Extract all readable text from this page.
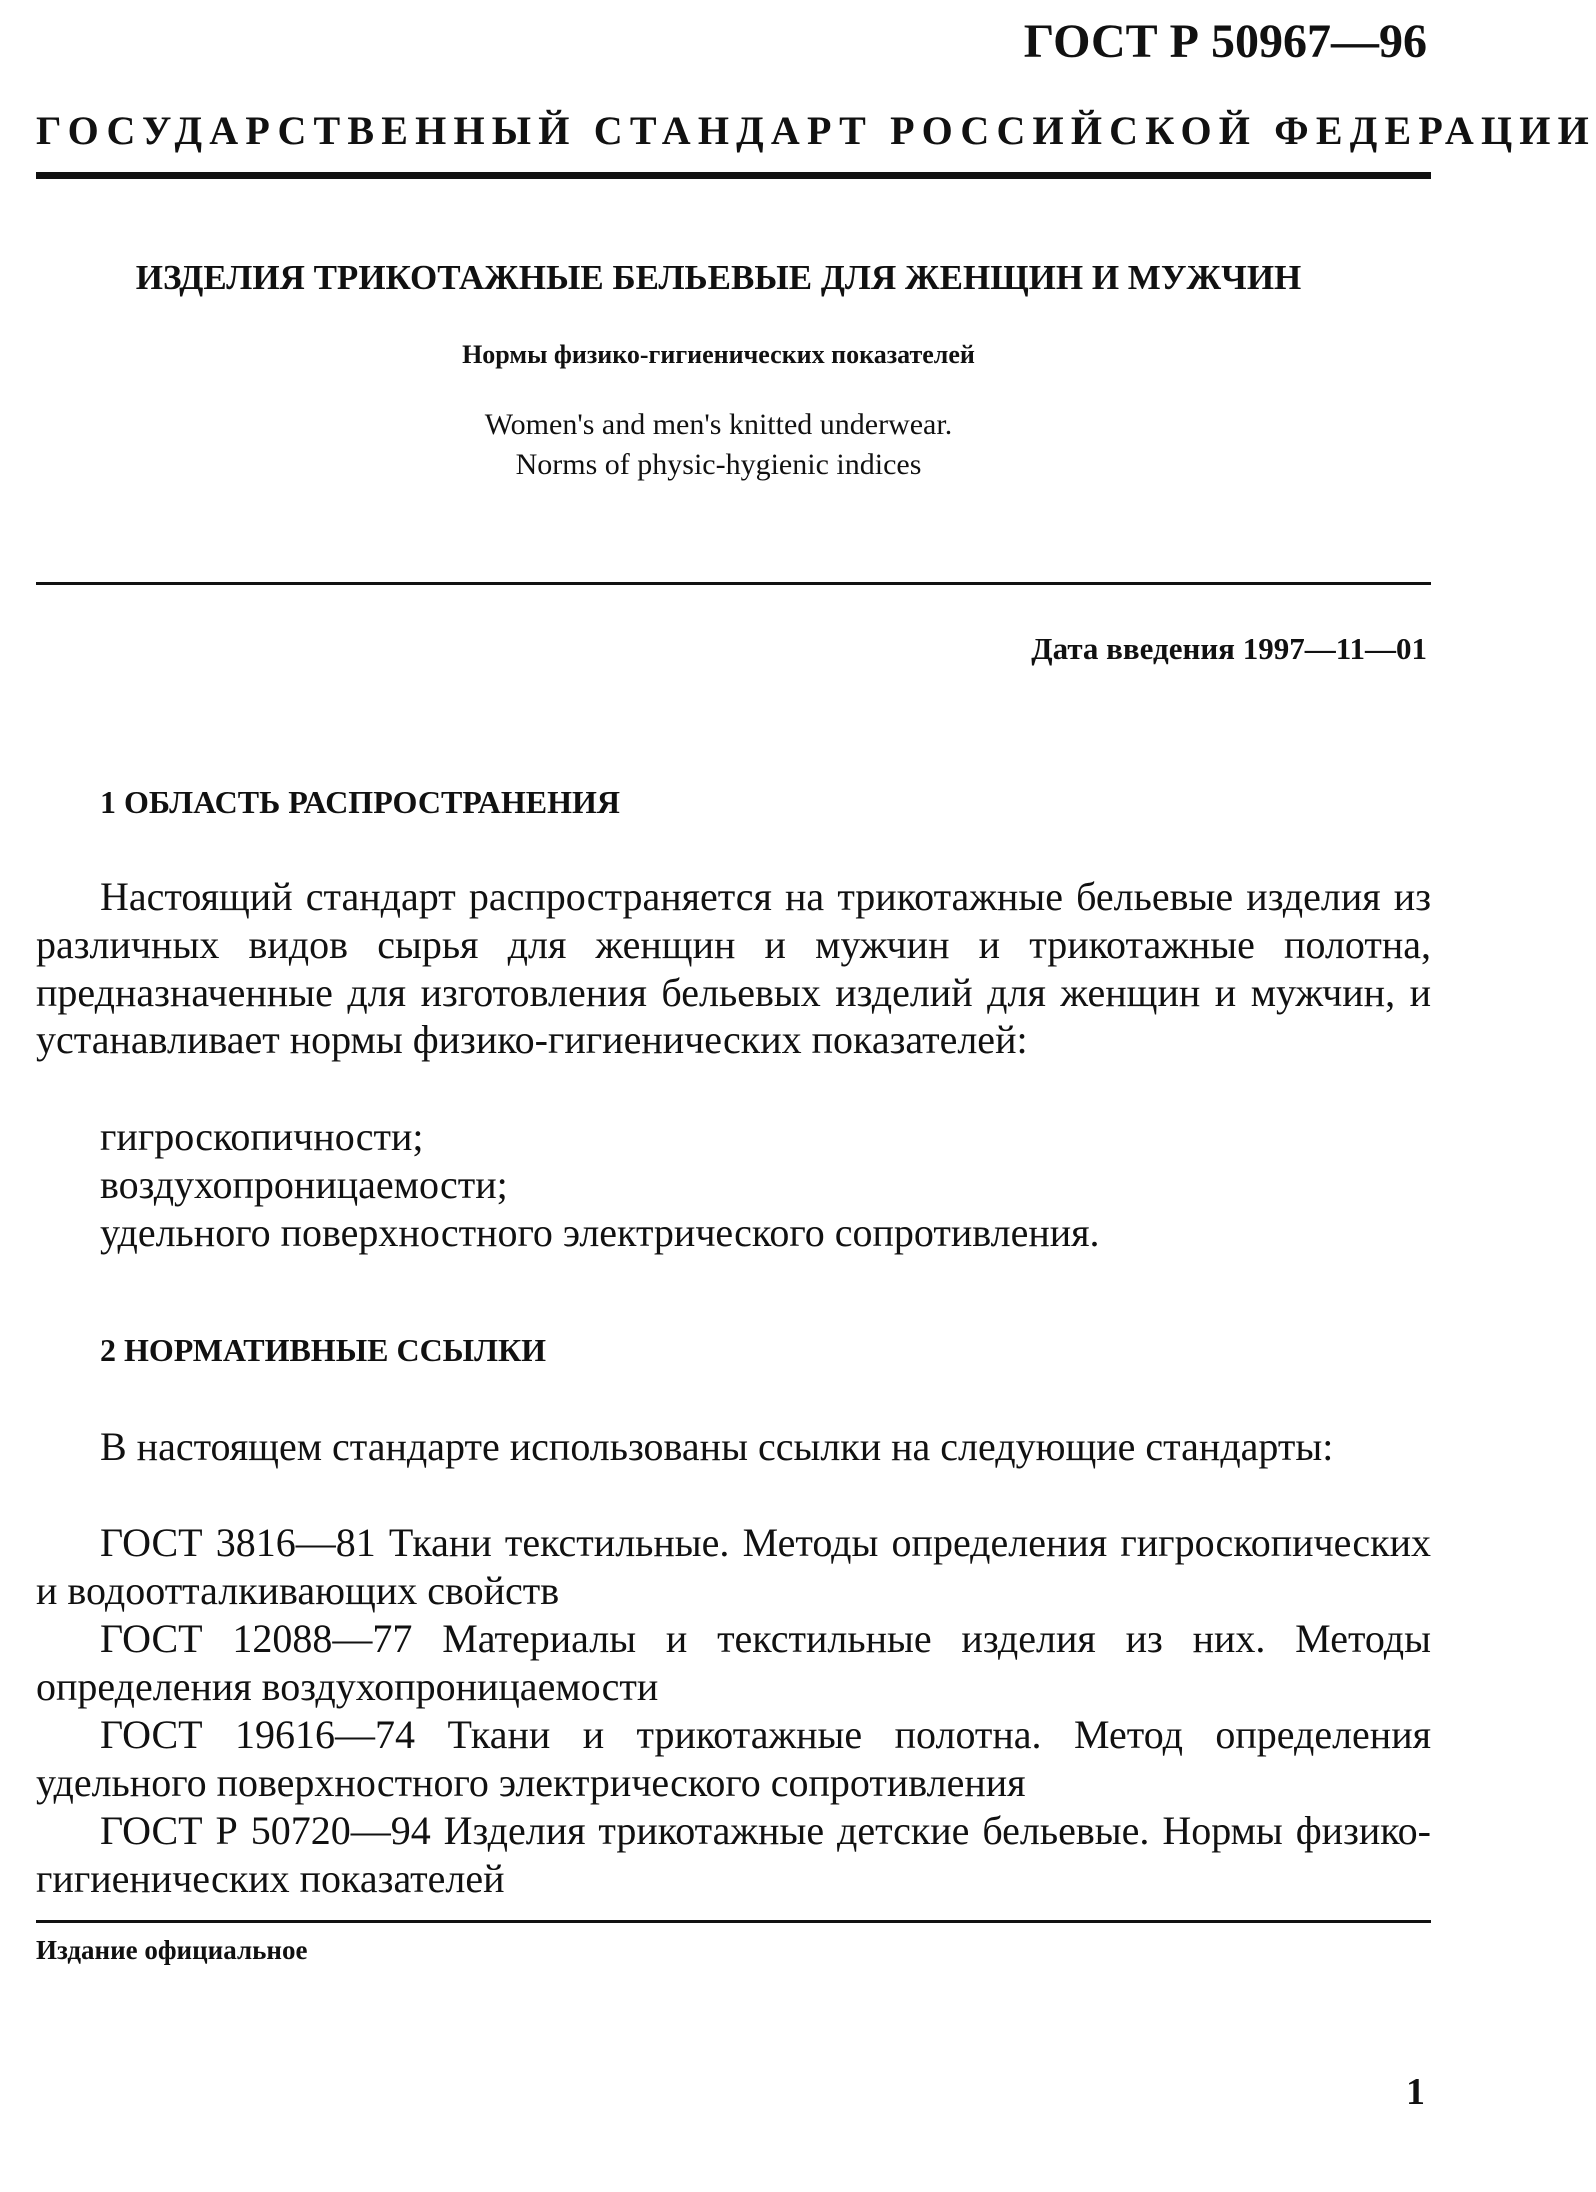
ГОСТ Р 50967—96
ГОСУДАРСТВЕННЫЙ СТАНДАРТ РОССИЙСКОЙ ФЕДЕРАЦИИ
ИЗДЕЛИЯ ТРИКОТАЖНЫЕ БЕЛЬЕВЫЕ ДЛЯ ЖЕНЩИН И МУЖЧИН
Нормы физико-гигиенических показателей
Women's and men's knitted underwear.
Norms of physic-hygienic indices
Дата введения 1997—11—01
1 ОБЛАСТЬ РАСПРОСТРАНЕНИЯ
Настоящий стандарт распространяется на трикотажные бельевые изделия из различных видов сырья для женщин и мужчин и трикотажные полотна, предназначенные для изготовления бельевых изделий для женщин и мужчин, и устанавливает нормы физико-гигиенических показателей:
гигроскопичности;
воздухопроницаемости;
удельного поверхностного электрического сопротивления.
2 НОРМАТИВНЫЕ ССЫЛКИ
В настоящем стандарте использованы ссылки на следующие стандарты:
ГОСТ 3816—81 Ткани текстильные. Методы определения гигроскопических и водоотталкивающих свойств
ГОСТ 12088—77 Материалы и текстильные изделия из них. Методы определения воздухопроницаемости
ГОСТ 19616—74 Ткани и трикотажные полотна. Метод определения удельного поверхностного электрического сопротивления
ГОСТ Р 50720—94 Изделия трикотажные детские бельевые. Нормы физико-гигиенических показателей
Издание официальное
1
